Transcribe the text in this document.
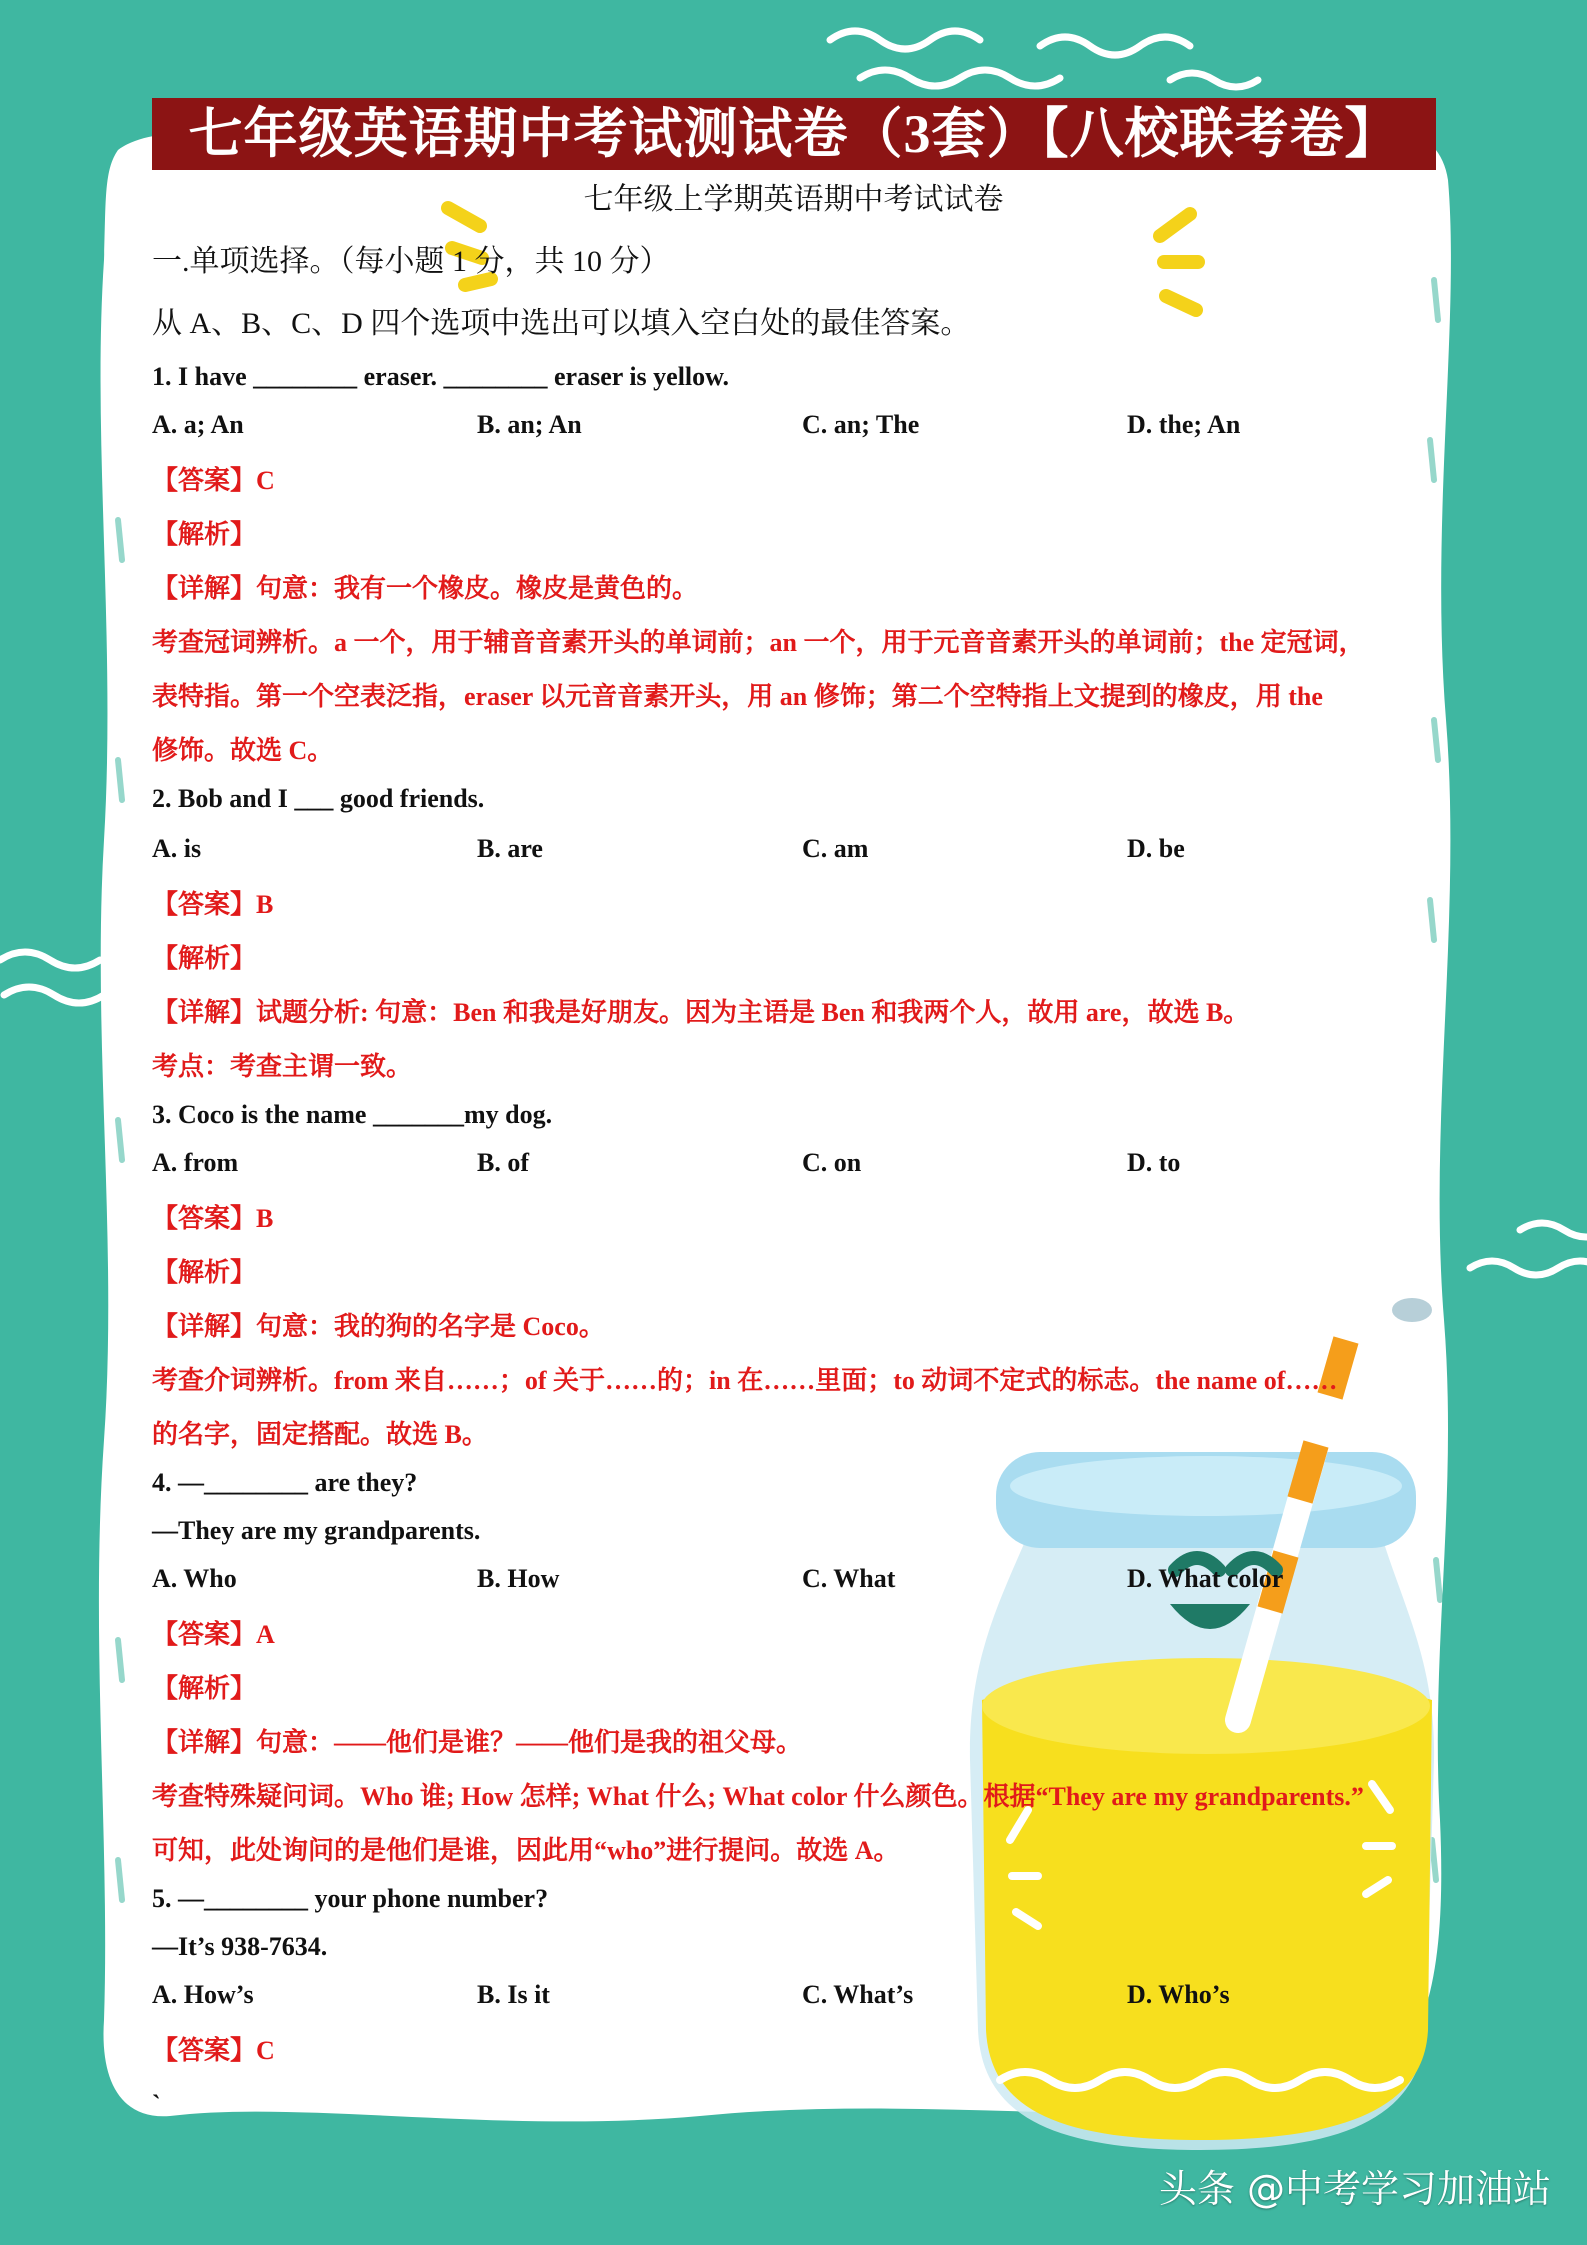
七年级英语期中考试测试卷（3套）【八校联考卷】
七年级上学期英语期中考试试卷
一.单项选择。（每小题 1 分，共 10 分）
从 A、B、C、D 四个选项中选出可以填入空白处的最佳答案。
1. I have ________ eraser. ________ eraser is yellow.
A. a; An	B. an; An	C. an; The	D. the; An
【答案】C
【解析】
【详解】句意：我有一个橡皮。橡皮是黄色的。
考查冠词辨析。a 一个，用于辅音音素开头的单词前；an 一个，用于元音音素开头的单词前；the 定冠词，
表特指。第一个空表泛指，eraser 以元音音素开头，用 an 修饰；第二个空特指上文提到的橡皮，用 the
修饰。故选 C。
2. Bob and I ___ good friends.
A. is	B. are	C. am	D. be
【答案】B
【解析】
【详解】试题分析: 句意：Ben 和我是好朋友。因为主语是 Ben 和我两个人，故用 are，故选 B。
考点：考查主谓一致。
3. Coco is the name _______my dog.
A. from	B. of	C. on	D. to
【答案】B
【解析】
【详解】句意：我的狗的名字是 Coco。
考查介词辨析。from 来自……；of 关于……的；in 在……里面；to 动词不定式的标志。the name of……
的名字，固定搭配。故选 B。
4. —________ are they?
—They are my grandparents.
A. Who	B. How	C. What	D. What color
【答案】A
【解析】
【详解】句意：——他们是谁？——他们是我的祖父母。
考查特殊疑问词。Who 谁; How 怎样; What 什么; What color 什么颜色。根据“They are my grandparents.”
可知，此处询问的是他们是谁，因此用“who”进行提问。故选 A。
5. —________ your phone number?
—It’s 938-7634.
A. How’s	B. Is it	C. What’s	D. Who’s
【答案】C
`
头条 @中考学习加油站
